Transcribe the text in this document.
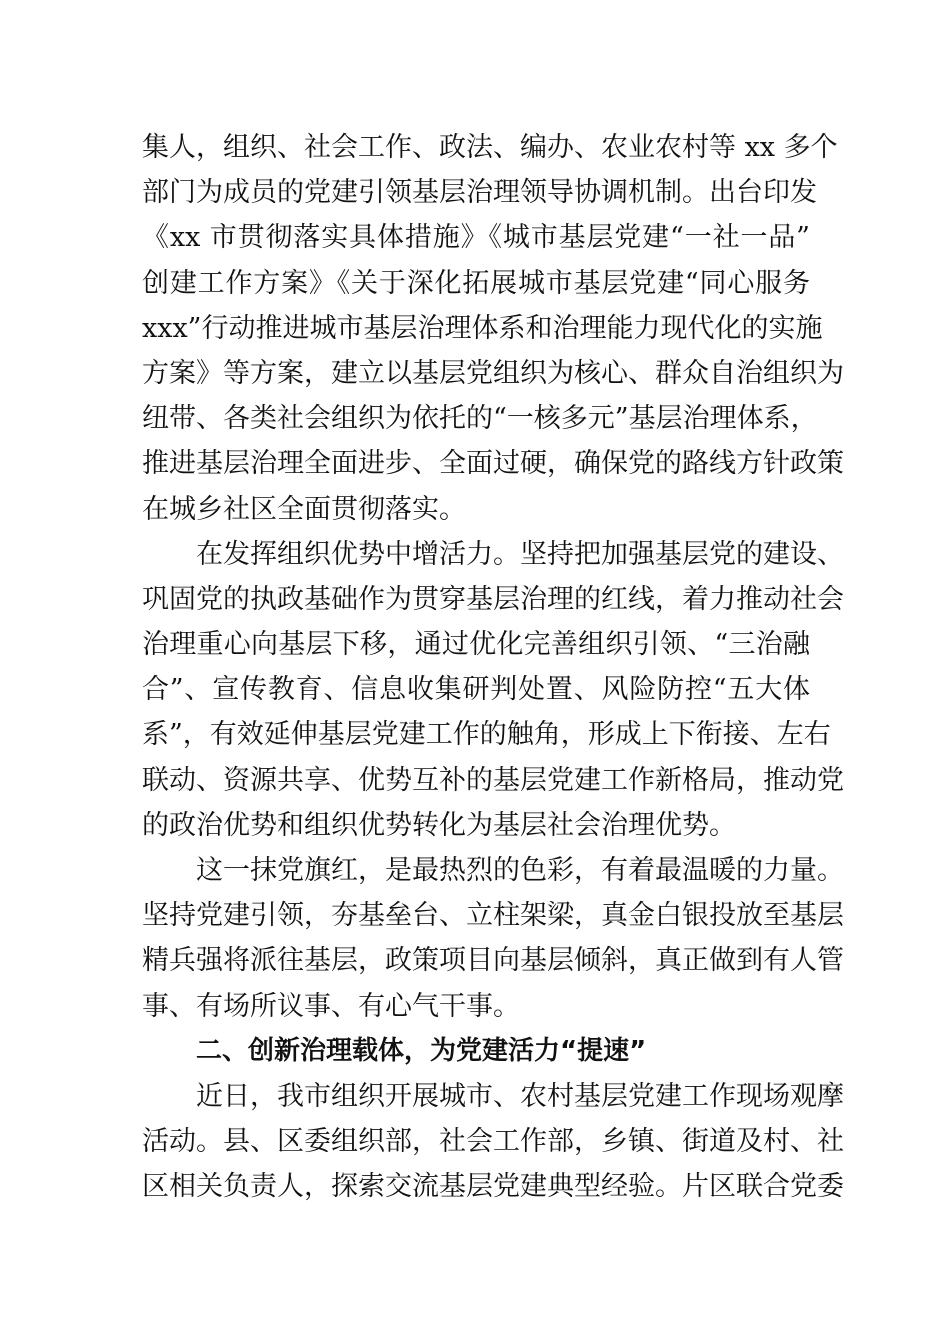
集人，组织、社会工作、政法、编办、农业农村等 xx 多个
部门为成员的党建引领基层治理领导协调机制。出台印发
《xx 市贯彻落实具体措施》《城市基层党建“一社一品”
创建工作方案》《关于深化拓展城市基层党建“同心服务
xxx”行动推进城市基层治理体系和治理能力现代化的实施
方案》等方案，建立以基层党组织为核心、群众自治组织为
纽带、各类社会组织为依托的“一核多元”基层治理体系，
推进基层治理全面进步、全面过硬，确保党的路线方针政策
在城乡社区全面贯彻落实。
在发挥组织优势中增活力。坚持把加强基层党的建设、
巩固党的执政基础作为贯穿基层治理的红线，着力推动社会
治理重心向基层下移，通过优化完善组织引领、“三治融
合”、宣传教育、信息收集研判处置、风险防控“五大体
系”，有效延伸基层党建工作的触角，形成上下衔接、左右
联动、资源共享、优势互补的基层党建工作新格局，推动党
的政治优势和组织优势转化为基层社会治理优势。
这一抹党旗红，是最热烈的色彩，有着最温暖的力量。
坚持党建引领，夯基垒台、立柱架梁，真金白银投放至基层
精兵强将派往基层，政策项目向基层倾斜，真正做到有人管
事、有场所议事、有心气干事。
二、创新治理载体，为党建活力“提速”
近日，我市组织开展城市、农村基层党建工作现场观摩
活动。县、区委组织部，社会工作部，乡镇、街道及村、社
区相关负责人，探索交流基层党建典型经验。片区联合党委
